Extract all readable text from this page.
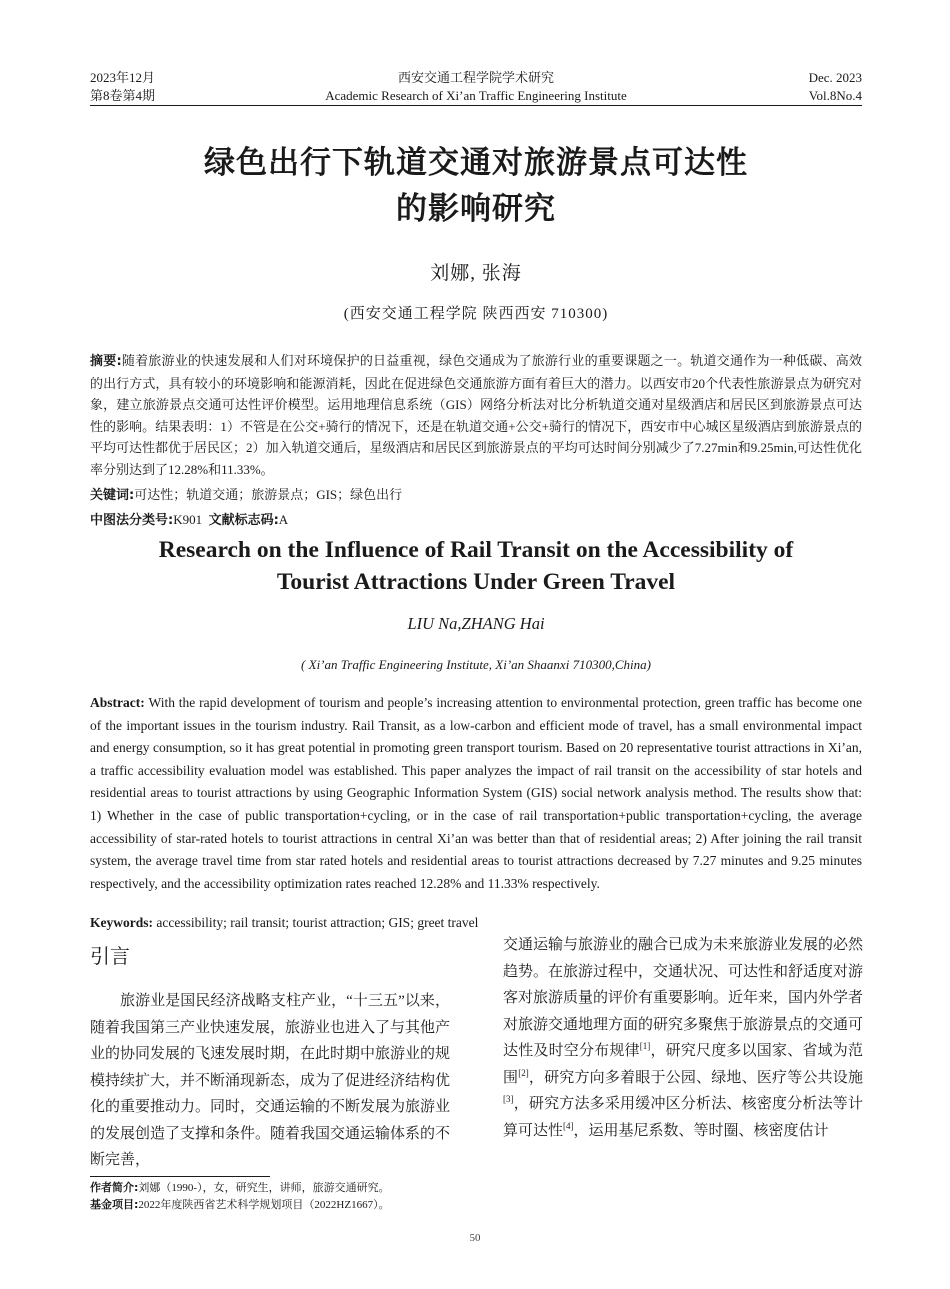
2023年12月
第8卷第4期
西安交通工程学院学术研究
Academic Research of Xi’an Traffic Engineering Institute
Dec. 2023
Vol.8No.4
绿色出行下轨道交通对旅游景点可达性
的影响研究
刘娜, 张海
(西安交通工程学院 陕西西安 710300)
摘要:随着旅游业的快速发展和人们对环境保护的日益重视，绿色交通成为了旅游行业的重要课题之一。轨道交通作为一种低碳、高效的出行方式，具有较小的环境影响和能源消耗，因此在促进绿色交通旅游方面有着巨大的潜力。以西安市20个代表性旅游景点为研究对象，建立旅游景点交通可达性评价模型。运用地理信息系统（GIS）网络分析法对比分析轨道交通对星级酒店和居民区到旅游景点可达性的影响。结果表明：1）不管是在公交+骑行的情况下，还是在轨道交通+公交+骑行的情况下，西安市中心城区星级酒店到旅游景点的平均可达性都优于居民区；2）加入轨道交通后，星级酒店和居民区到旅游景点的平均可达时间分别减少了7.27min和9.25min,可达性优化率分别达到了12.28%和11.33%。
关键词:可达性；轨道交通；旅游景点；GIS；绿色出行
中图法分类号:K901 文献标志码:A
Research on the Influence of Rail Transit on the Accessibility of
Tourist Attractions Under Green Travel
LIU Na,ZHANG Hai
( Xi’an Traffic Engineering Institute, Xi’an Shaanxi 710300,China)
Abstract: With the rapid development of tourism and people’s increasing attention to environmental protection, green traffic has become one of the important issues in the tourism industry. Rail Transit, as a low-carbon and efficient mode of travel, has a small environmental impact and energy consumption, so it has great potential in promoting green transport tourism. Based on 20 representative tourist attractions in Xi’an, a traffic accessibility evaluation model was established. This paper analyzes the impact of rail transit on the accessibility of star hotels and residential areas to tourist attractions by using Geographic Information System (GIS) social network analysis method. The results show that: 1) Whether in the case of public transportation+cycling, or in the case of rail transportation+public transportation+cycling, the average accessibility of star-rated hotels to tourist attractions in central Xi’an was better than that of residential areas; 2) After joining the rail transit system, the average travel time from star rated hotels and residential areas to tourist attractions decreased by 7.27 minutes and 9.25 minutes respectively, and the accessibility optimization rates reached 12.28% and 11.33% respectively.
Keywords: accessibility; rail transit; tourist attraction; GIS; greet travel
引言

旅游业是国民经济战略支柱产业，“十三五”以来，随着我国第三产业快速发展，旅游业也进入了与其他产业的协同发展的飞速发展时期，在此时期中旅游业的规模持续扩大，并不断涌现新态，成为了促进经济结构优化的重要推动力。同时，交通运输的不断发展为旅游业的发展创造了支撑和条件。随着我国交通运输体系的不断完善，

交通运输与旅游业的融合已成为未来旅游业发展的必然趋势。在旅游过程中，交通状况、可达性和舒适度对游客对旅游质量的评价有重要影响。近年来，国内外学者对旅游交通地理方面的研究多聚焦于旅游景点的交通可达性及时空分布规律[1]，研究尺度多以国家、省域为范围[2]，研究方向多着眼于公园、绿地、医疗等公共设施[3]，研究方法多采用缓冲区分析法、核密度分析法等计算可达性[4]，运用基尼系数、等时圈、核密度估计

作者简介:刘娜（1990-），女，研究生，讲师，旅游交通研究。
基金项目:2022年度陕西省艺术科学规划项目（2022HZ1667）。
50
